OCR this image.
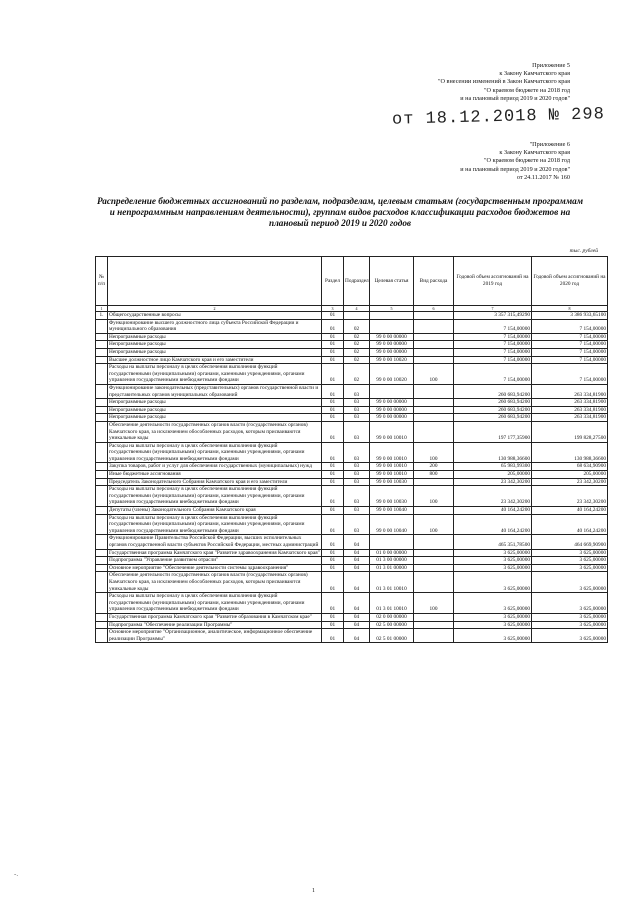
Приложение 5
к Закону Камчатского края
"О внесении изменений в Закон Камчатского края
"О краевом бюджете на 2018 год
и на плановый период 2019 и 2020 годов"
от 18.12.2018 № 298
"Приложение 6
к Закону Камчатского края
"О краевом бюджете на 2018 год
и на плановый период 2019 и 2020 годов"
от 24.11.2017 № 160
Распределение бюджетных ассигнований по разделам, подразделам, целевым статьям (государственным программам и непрограммным направлениям деятельности), группам видов расходов классификации расходов бюджетов на плановый период 2019 и 2020 годов
тыс. рублей
№ п/п		Раздел	Подраздел	Целевая статья	Вид расхода	Годовой объем ассигнований на 2019 год	Годовой объем ассигнований на 2020 год
1	2	3	4	5	6	7	8
1.	Общегосударственные вопросы	01				3 357 315,49290	3 386 933,65100
	Функционирование высшего должностного лица субъекта Российской Федерации и муниципального образования	01	02			7 154,00000	7 154,00000
	Непрограммные расходы	01	02	99 0 00 00000		7 154,00000	7 154,00000
	Непрограммные расходы	01	02	99 0 00 00000		7 154,00000	7 154,00000
	Непрограммные расходы	01	02	99 0 00 00000		7 154,00000	7 154,00000
	Высшее должностное лицо Камчатского края и его заместители	01	02	99 0 00 10020		7 154,00000	7 154,00000
	Расходы на выплаты персоналу в целях обеспечения выполнения функций государственными (муниципальными) органами, казенными учреждениями, органами управления государственными внебюджетными фондами	01	02	99 0 00 10020	100	7 154,00000	7 154,00000
	Функционирование законодательных (представительных) органов государственной власти и представительных органов муниципальных образований	01	03			260 683,94200	263 334,81900
	Непрограммные расходы	01	03	99 0 00 00000		260 683,94200	263 334,81900
	Непрограммные расходы	01	03	99 0 00 00000		260 683,94200	263 334,81900
	Непрограммные расходы	01	03	99 0 00 00000		260 683,94200	263 334,81900
	Обеспечение деятельности государственных органов власти (государственных органов) Камчатского края, за исключением обособленных расходов, которым присваиваются уникальные коды	01	03	99 0 00 10010		197 177,35900	199 828,27500
	Расходы на выплаты персоналу в целях обеспечения выполнения функций государственными (муниципальными) органами, казенными учреждениями, органами управления государственными внебюджетными фондами	01	03	99 0 00 10010	100	130 988,36600	130 988,36600
	Закупка товаров, работ и услуг для обеспечения государственных (муниципальных) нужд	01	03	99 0 00 10010	200	65 983,99300	68 634,90900
	Иные бюджетные ассигнования	01	03	99 0 00 10010	800	205,00000	205,00000
	Председатель Законодательного Собрания Камчатского края и его заместители	01	03	99 0 00 10030		23 342,30200	23 342,30200
	Расходы на выплаты персоналу в целях обеспечения выполнения функций государственными (муниципальными) органами, казенными учреждениями, органами управления государственными внебюджетными фондами	01	03	99 0 00 10030	100	23 342,30200	23 342,30200
	Депутаты (члены) Законодательного Собрания Камчатского края	01	03	99 0 00 10040		40 164,24200	40 164,24200
	Расходы на выплаты персоналу в целях обеспечения выполнения функций государственными (муниципальными) органами, казенными учреждениями, органами управления государственными внебюджетными фондами	01	03	99 0 00 10040	100	40 164,24200	40 164,24200
	Функционирование Правительства Российской Федерации, высших исполнительных органов государственной власти субъектов Российской Федерации, местных администраций	01	04			465 351,78500	464 669,90900
	Государственная программа Камчатского края "Развитие здравоохранения Камчатского края"	01	04	01 0 00 00000		3 625,00000	3 625,00000
	Подпрограмма "Управление развитием отрасли"	01	04	01 3 00 00000		3 625,00000	3 625,00000
	Основное мероприятие "Обеспечение деятельности системы здравоохранения"	01	04	01 3 01 00000		3 625,00000	3 625,00000
	Обеспечение деятельности государственных органов власти (государственных органов) Камчатского края, за исключением обособленных расходов, которым присваиваются уникальные коды	01	04	01 3 01 10010		3 625,00000	3 625,00000
	Расходы на выплаты персоналу в целях обеспечения выполнения функций государственными (муниципальными) органами, казенными учреждениями, органами управления государственными внебюджетными фондами	01	04	01 3 01 10010	100	3 625,00000	3 625,00000
	Государственная программа Камчатского края "Развитие образования в Камчатском крае"	01	04	02 0 00 00000		3 625,00000	3 625,00000
	Подпрограмма "Обеспечение реализации Программы"	01	04	02 5 00 00000		3 625,00000	3 625,00000
	Основное мероприятие "Организационное, аналитическое, информационное обеспечение реализации Программы"	01	04	02 5 01 00000		3 625,00000	3 625,00000
1
‑.
